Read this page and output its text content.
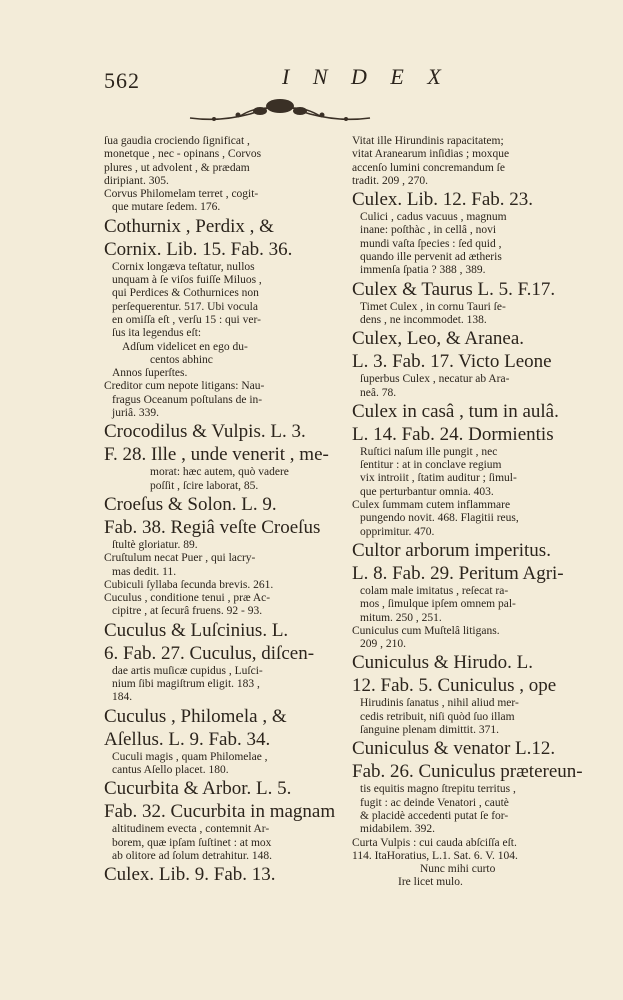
562	I N D E X
ſua gaudia crociendo ſignificat ,
monetque , nec - opinans , Corvos
plures , ut advolent , & prædam
diripiant. 305.
Corvus Philomelam terret , cogit-
que mutare ſedem. 176.
Cothurnix , Perdix , &
Cornix. Lib. 15. Fab. 36.
Cornix longæva teſtatur, nullos
unquam à ſe viſos fuiſſe Miluos ,
qui Perdices & Cothurnices non
perſequerentur. 517. Ubi vocula
en omiſſa eſt , verſu 15 : qui ver-
ſus ita legendus eſt:
Adſum videlicet en ego du-
centos abhinc
Annos ſuperſtes.
Creditor cum nepote litigans: Nau-
fragus Oceanum poſtulans de in-
juriâ. 339.
Crocodilus & Vulpis. L. 3.
F. 28. Ille , unde venerit , me-
morat: hæc autem, quò vadere
poſſit , ſcire laborat, 85.
Croeſus & Solon. L. 9.
Fab. 38. Regiâ veſte Croeſus
ſtultè gloriatur. 89.
Cruſtulum necat Puer , qui lacry-
mas dedit. 11.
Cubiculi ſyllaba ſecunda brevis. 261.
Cuculus , conditione tenui , præ Ac-
cipitre , at ſecurâ fruens. 92 - 93.
Cuculus & Luſcinius. L.
6. Fab. 27. Cuculus, diſcen-
dae artis muſicæ cupidus , Luſci-
nium ſibi magiſtrum eligit. 183 ,
184.
Cuculus , Philomela , &
Aſellus. L. 9. Fab. 34.
Cuculi magis , quam Philomelae ,
cantus Aſello placet. 180.
Cucurbita & Arbor. L. 5.
Fab. 32. Cucurbita in magnam
altitudinem evecta , contemnit Ar-
borem, quæ ipſam ſuſtinet : at mox
ab olitore ad ſolum detrahitur. 148.
Culex. Lib. 9. Fab. 13.
Vitat ille Hirundinis rapacitatem;
vitat Aranearum inſidias ; moxque
accenſo lumini concremandum ſe
tradit. 209 , 270.
Culex. Lib. 12. Fab. 23.
Culici , cadus vacuus , magnum
inane: poſthàc , in cellâ , novi
mundi vaſta ſpecies : ſed quid ,
quando ille pervenit ad ætheris
immenſa ſpatia ? 388 , 389.
Culex & Taurus L. 5. F.17.
Timet Culex , in cornu Tauri ſe-
dens , ne incommodet. 138.
Culex, Leo, & Aranea.
L. 3. Fab. 17. Victo Leone
ſuperbus Culex , necatur ab Ara-
neâ. 78.
Culex in casâ , tum in aulâ.
L. 14. Fab. 24. Dormientis
Ruſtici naſum ille pungit , nec
ſentitur : at in conclave regium
vix introiit , ſtatim auditur ; ſimul-
que perturbantur omnia. 403.
Culex ſummam cutem inflammare
pungendo novit. 468. Flagitii reus,
opprimitur. 470.
Cultor arborum imperitus.
L. 8. Fab. 29. Peritum Agri-
colam male imitatus , reſecat ra-
mos , ſimulque ipſem omnem pal-
mitum. 250 , 251.
Cuniculus cum Muſtelâ litigans.
209 , 210.
Cuniculus & Hirudo. L.
12. Fab. 5. Cuniculus , ope
Hirudinis ſanatus , nihil aliud mer-
cedis retribuit, niſi quòd ſuo illam
ſanguine plenam dimittit. 371.
Cuniculus & venator L.12.
Fab. 26. Cuniculus prætereun-
tis equitis magno ſtrepitu territus ,
fugit : ac deinde Venatori , cautè
& placidè accedenti putat ſe for-
midabilem. 392.
Curta Vulpis : cui cauda abſciſſa eſt.
114. ItaHoratius, L.1. Sat. 6. V. 104.
Nunc mihi curto
Ire licet mulo.
